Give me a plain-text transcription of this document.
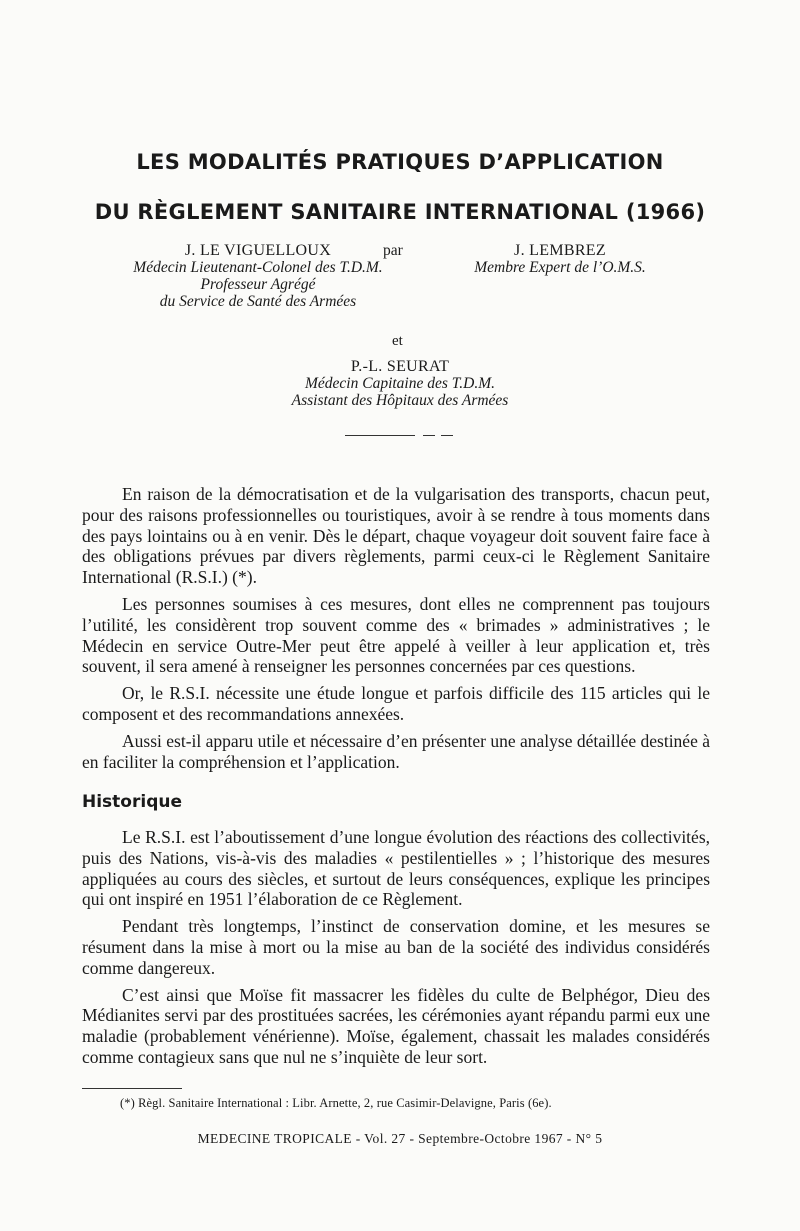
LES MODALITÉS PRATIQUES D’APPLICATION
DU RÈGLEMENT SANITAIRE INTERNATIONAL (1966)
J. LE VIGUELLOUX
Médecin Lieutenant-Colonel des T.D.M.
Professeur Agrégé
du Service de Santé des Armées
par	J. LEMBREZ
Membre Expert de l’O.M.S.
et
P.-L. SEURAT
Médecin Capitaine des T.D.M.
Assistant des Hôpitaux des Armées

En raison de la démocratisation et de la vulgarisation des transports, chacun peut, pour des raisons professionnelles ou touristiques, avoir à se rendre à tous moments dans des pays lointains ou à en venir. Dès le départ, chaque voyageur doit souvent faire face à des obligations prévues par divers règlements, parmi ceux-ci le Règlement Sanitaire International (R.S.I.) (*).

Les personnes soumises à ces mesures, dont elles ne comprennent pas toujours l’utilité, les considèrent trop souvent comme des « brimades » administratives ; le Médecin en service Outre-Mer peut être appelé à veiller à leur application et, très souvent, il sera amené à renseigner les personnes concernées par ces questions.

Or, le R.S.I. nécessite une étude longue et parfois difficile des 115 articles qui le composent et des recommandations annexées.

Aussi est-il apparu utile et nécessaire d’en présenter une analyse détaillée destinée à en faciliter la compréhension et l’application.

Historique

Le R.S.I. est l’aboutissement d’une longue évolution des réactions des collectivités, puis des Nations, vis-à-vis des maladies « pestilentielles » ; l’historique des mesures appliquées au cours des siècles, et surtout de leurs conséquences, explique les principes qui ont inspiré en 1951 l’élaboration de ce Règlement.

Pendant très longtemps, l’instinct de conservation domine, et les mesures se résument dans la mise à mort ou la mise au ban de la société des individus considérés comme dangereux.

C’est ainsi que Moïse fit massacrer les fidèles du culte de Belphégor, Dieu des Médianites servi par des prostituées sacrées, les cérémonies ayant répandu parmi eux une maladie (probablement vénérienne). Moïse, également, chassait les malades considérés comme contagieux sans que nul ne s’inquiète de leur sort.

(*) Règl. Sanitaire International : Libr. Arnette, 2, rue Casimir-Delavigne, Paris (6e).
MEDECINE TROPICALE - Vol. 27 - Septembre-Octobre 1967 - N° 5
